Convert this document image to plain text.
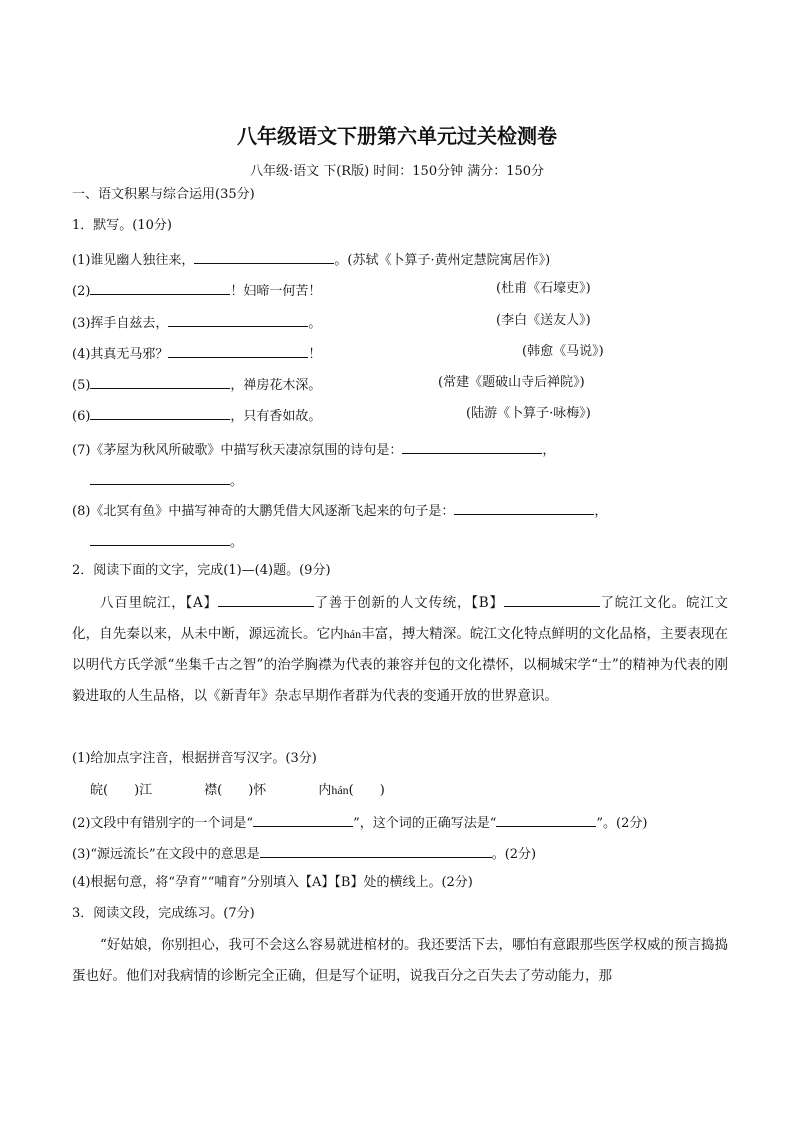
八年级语文下册第六单元过关检测卷
八年级·语文 下(R版) 时间：150分钟 满分：150分
一、语文积累与综合运用(35分)
1．默写。(10分)
(1)谁见幽人独往来，	。(苏轼《卜算子·黄州定慧院寓居作》)
(2)	！妇啼一何苦！	(杜甫《石壕吏》)
(3)挥手自兹去，	。	(李白《送友人》)
(4)其真无马邪？	！	(韩愈《马说》)
(5)	，禅房花木深。	(常建《题破山寺后禅院》)
(6)	，只有香如故。	(陆游《卜算子·咏梅》)
(7)《茅屋为秋风所破歌》中描写秋天凄凉氛围的诗句是：	，
。
(8)《北冥有鱼》中描写神奇的大鹏凭借大风逐渐飞起来的句子是：	，
。
2．阅读下面的文字，完成(1)—(4)题。(9分)
八百里皖江，【A】	了善于创新的人文传统，【B】	了皖江文化。皖江文化，自先秦以来，从未中断，源远流长。它内hán丰富，搏大精深。皖江文化特点鲜明的文化品格，主要表现在以明代方氏学派“坐集千古之智”的治学胸襟为代表的兼容并包的文化襟怀，以桐城宋学“士”的精神为代表的刚毅进取的人生品格，以《新青年》杂志早期作者群为代表的变通开放的世界意识。
(1)给加点字注音，根据拼音写汉字。(3分)
皖(　　)江	襟(　　)怀	内hán(　　)
(2)文段中有错别字的一个词是“	”，这个词的正确写法是“	”。(2分)
(3)“源远流长”在文段中的意思是	。(2分)
(4)根据句意，将“孕育”“哺育”分别填入【A】【B】处的横线上。(2分)
3．阅读文段，完成练习。(7分)
“好姑娘，你别担心，我可不会这么容易就进棺材的。我还要活下去，哪怕有意跟那些医学权威的预言捣捣蛋也好。他们对我病情的诊断完全正确，但是写个证明，说我百分之百失去了劳动能力，那
